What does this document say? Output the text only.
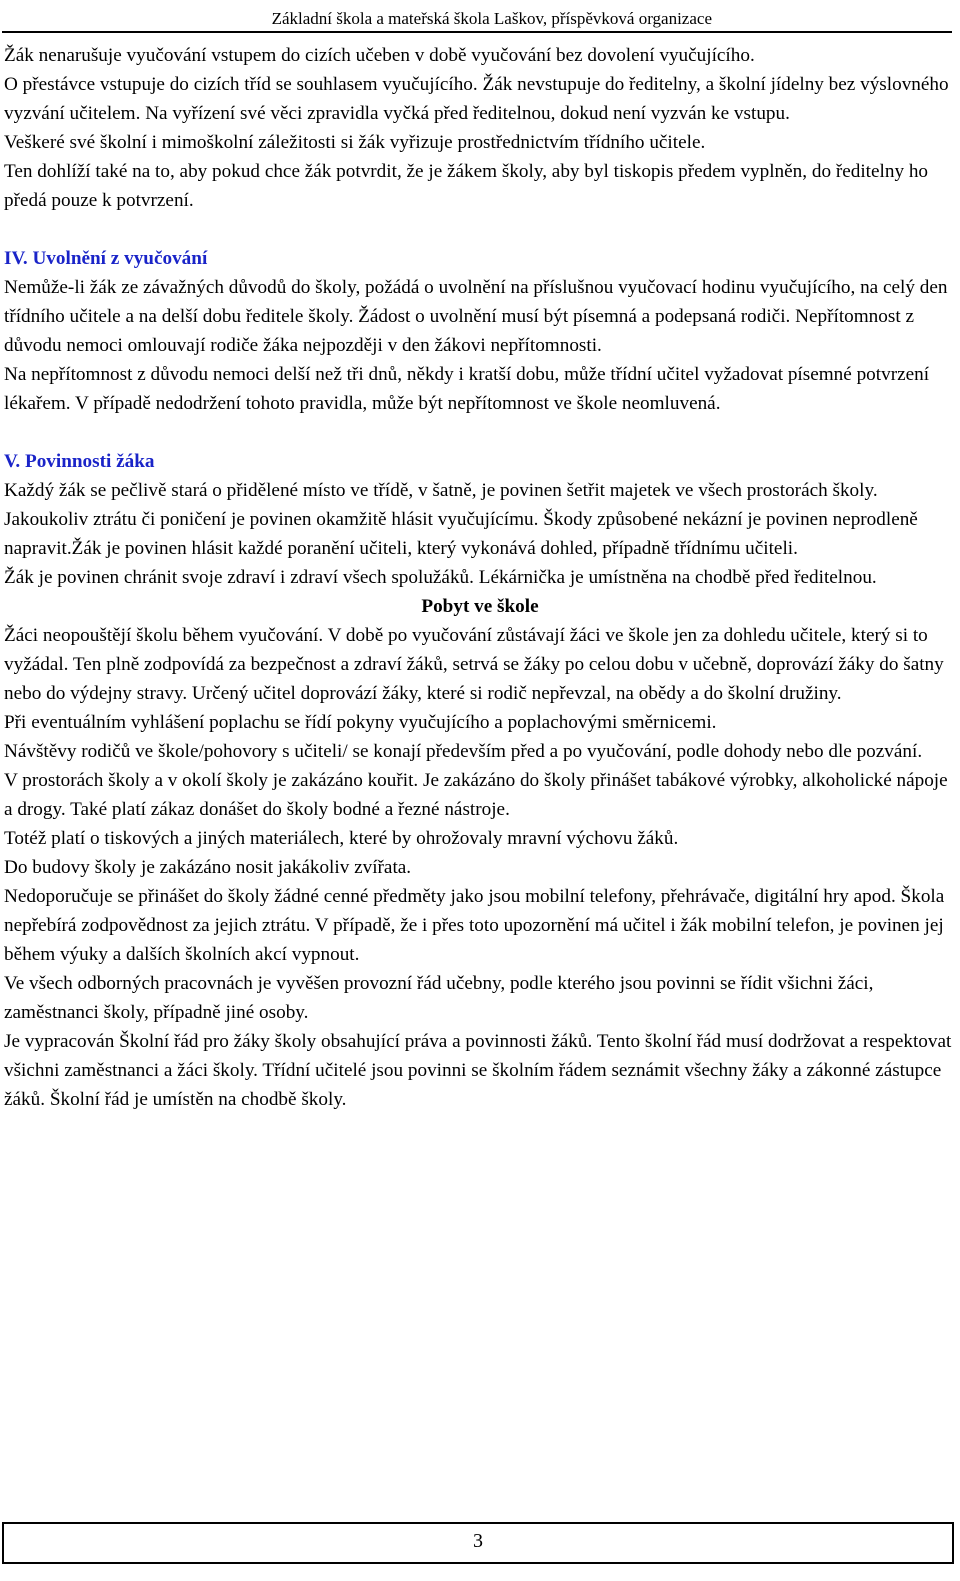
Základní škola a mateřská škola Laškov, příspěvková organizace

Žák nenarušuje vyučování vstupem do cizích učeben v době vyučování bez dovolení vyučujícího.

O přestávce vstupuje do cizích tříd se souhlasem vyučujícího. Žák nevstupuje do ředitelny, a školní jídelny bez výslovného vyzvání učitelem. Na vyřízení své věci zpravidla vyčká před ředitelnou, dokud není vyzván ke vstupu.

Veškeré své školní i mimoškolní záležitosti si žák vyřizuje prostřednictvím třídního učitele.

Ten dohlíží také na to, aby pokud chce žák potvrdit, že je žákem školy, aby byl tiskopis předem vyplněn, do ředitelny ho předá pouze k potvrzení.

IV. Uvolnění z vyučování

Nemůže-li žák ze závažných důvodů do školy, požádá o uvolnění na příslušnou vyučovací hodinu vyučujícího, na celý den třídního učitele a na delší dobu ředitele školy. Žádost o uvolnění musí být písemná a podepsaná rodiči. Nepřítomnost z důvodu nemoci omlouvají rodiče žáka nejpozději v den žákovi nepřítomnosti.

Na nepřítomnost z důvodu nemoci delší než tři dnů, někdy i kratší dobu, může třídní učitel vyžadovat písemné potvrzení lékařem. V případě nedodržení tohoto pravidla, může být nepřítomnost ve škole neomluvená.

V. Povinnosti žáka

Každý žák se pečlivě stará o přidělené místo ve třídě, v šatně, je povinen šetřit majetek ve všech prostorách školy. Jakoukoliv ztrátu či poničení je povinen okamžitě hlásit vyučujícímu. Škody způsobené nekázní je povinen neprodleně napravit.Žák je povinen hlásit každé poranění učiteli, který vykonává dohled, případně třídnímu učiteli.

Žák je povinen chránit svoje zdraví i zdraví všech spolužáků. Lékárnička je umístněna na chodbě před ředitelnou.

Pobyt ve škole

Žáci neopouštějí školu během vyučování. V době po vyučování zůstávají žáci ve škole jen za dohledu učitele, který si to vyžádal. Ten plně zodpovídá za bezpečnost a zdraví žáků, setrvá se žáky po celou dobu v učebně, doprovází žáky do šatny nebo do výdejny stravy. Určený učitel doprovází žáky, které si rodič nepřevzal, na obědy a do školní družiny.

Při eventuálním vyhlášení poplachu se řídí pokyny vyučujícího a poplachovými směrnicemi.

Návštěvy rodičů ve škole/pohovory s učiteli/ se konají především před a po vyučování, podle dohody nebo dle pozvání.

V prostorách školy a v okolí školy je zakázáno kouřit. Je zakázáno do školy přinášet tabákové výrobky, alkoholické nápoje a drogy. Také platí zákaz donášet do školy bodné a řezné nástroje.

Totéž platí o tiskových a jiných materiálech, které by ohrožovaly mravní výchovu žáků.

Do budovy školy je zakázáno nosit jakákoliv zvířata.

Nedoporučuje se přinášet do školy žádné cenné předměty jako jsou mobilní telefony, přehrávače, digitální hry apod. Škola nepřebírá zodpovědnost za jejich ztrátu. V případě, že i přes toto upozornění má učitel i žák mobilní telefon, je povinen jej během výuky a dalších školních akcí vypnout.

Ve všech odborných pracovnách je vyvěšen provozní řád učebny, podle kterého jsou povinni se řídit všichni žáci, zaměstnanci školy, případně jiné osoby.

Je vypracován Školní řád pro žáky školy obsahující práva a povinnosti žáků. Tento školní řád musí dodržovat a respektovat všichni zaměstnanci a žáci školy. Třídní učitelé jsou povinni se školním řádem seznámit všechny žáky a zákonné zástupce žáků. Školní řád je umístěn na chodbě školy.

3
